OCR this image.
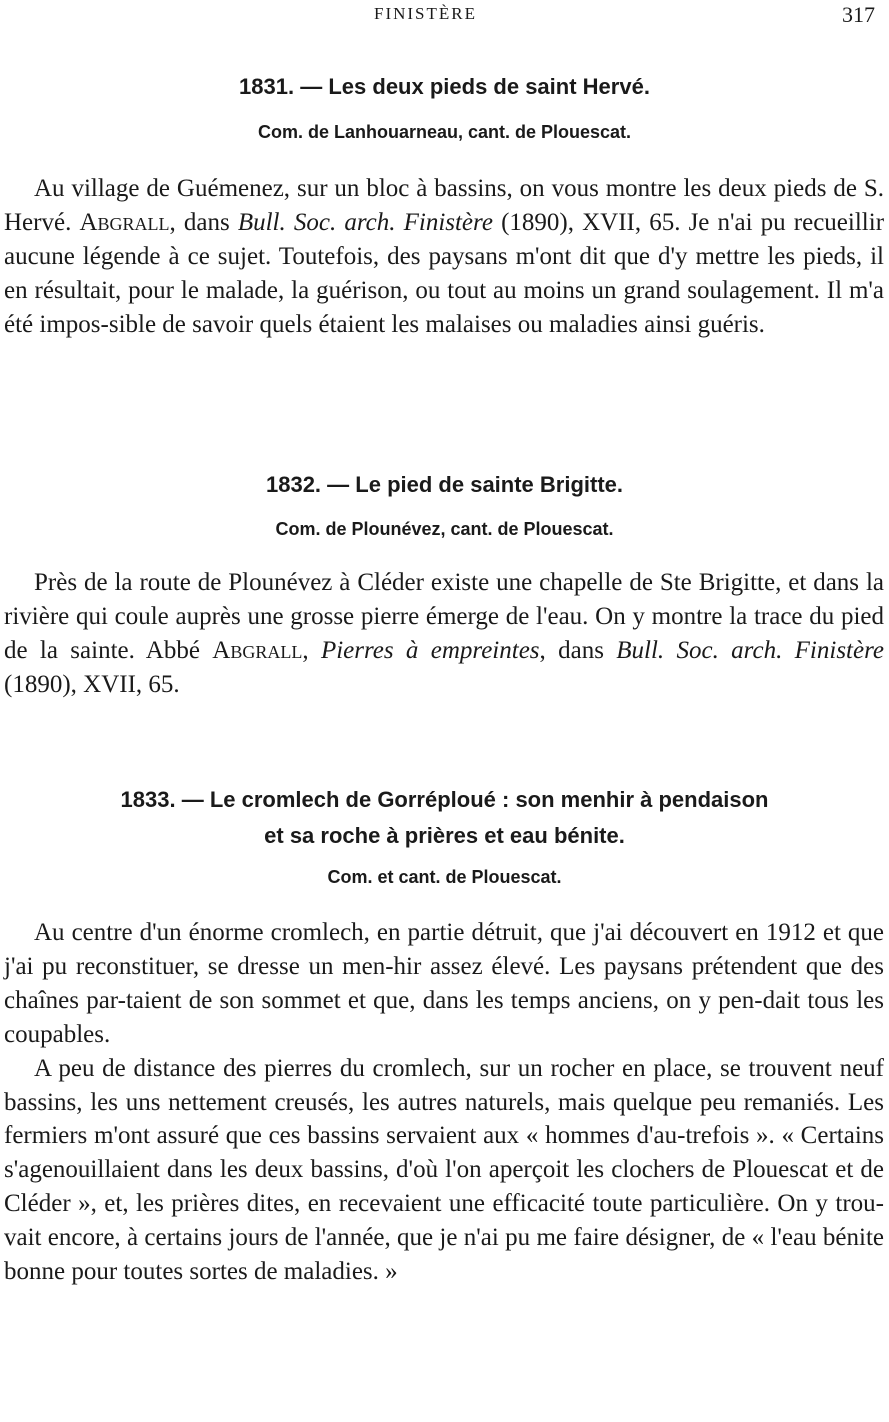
FINISTÈRE	317
1831. — Les deux pieds de saint Hervé.
Com. de Lanhouarneau, cant. de Plouescat.
Au village de Guémenez, sur un bloc à bassins, on vous montre les deux pieds de S. Hervé. Abgrall, dans Bull. Soc. arch. Finistère (1890), XVII, 65. Je n'ai pu recueillir aucune légende à ce sujet. Toutefois, des paysans m'ont dit que d'y mettre les pieds, il en résultait, pour le malade, la guérison, ou tout au moins un grand soulagement. Il m'a été impos-sible de savoir quels étaient les malaises ou maladies ainsi guéris.
1832. — Le pied de sainte Brigitte.
Com. de Plounévez, cant. de Plouescat.
Près de la route de Plounévez à Cléder existe une chapelle de Ste Brigitte, et dans la rivière qui coule auprès une grosse pierre émerge de l'eau. On y montre la trace du pied de la sainte. Abbé Abgrall, Pierres à empreintes, dans Bull. Soc. arch. Finistère (1890), XVII, 65.
1833. — Le cromlech de Gorréploué : son menhir à pendaison
et sa roche à prières et eau bénite.
Com. et cant. de Plouescat.

Au centre d'un énorme cromlech, en partie détruit, que j'ai découvert en 1912 et que j'ai pu reconstituer, se dresse un men-hir assez élevé. Les paysans prétendent que des chaînes par-taient de son sommet et que, dans les temps anciens, on y pen-dait tous les coupables.

A peu de distance des pierres du cromlech, sur un rocher en place, se trouvent neuf bassins, les uns nettement creusés, les autres naturels, mais quelque peu remaniés. Les fermiers m'ont assuré que ces bassins servaient aux « hommes d'au-trefois ». « Certains s'agenouillaient dans les deux bassins, d'où l'on aperçoit les clochers de Plouescat et de Cléder », et, les prières dites, en recevaient une efficacité toute particulière. On y trou-vait encore, à certains jours de l'année, que je n'ai pu me faire désigner, de « l'eau bénite bonne pour toutes sortes de maladies. »
